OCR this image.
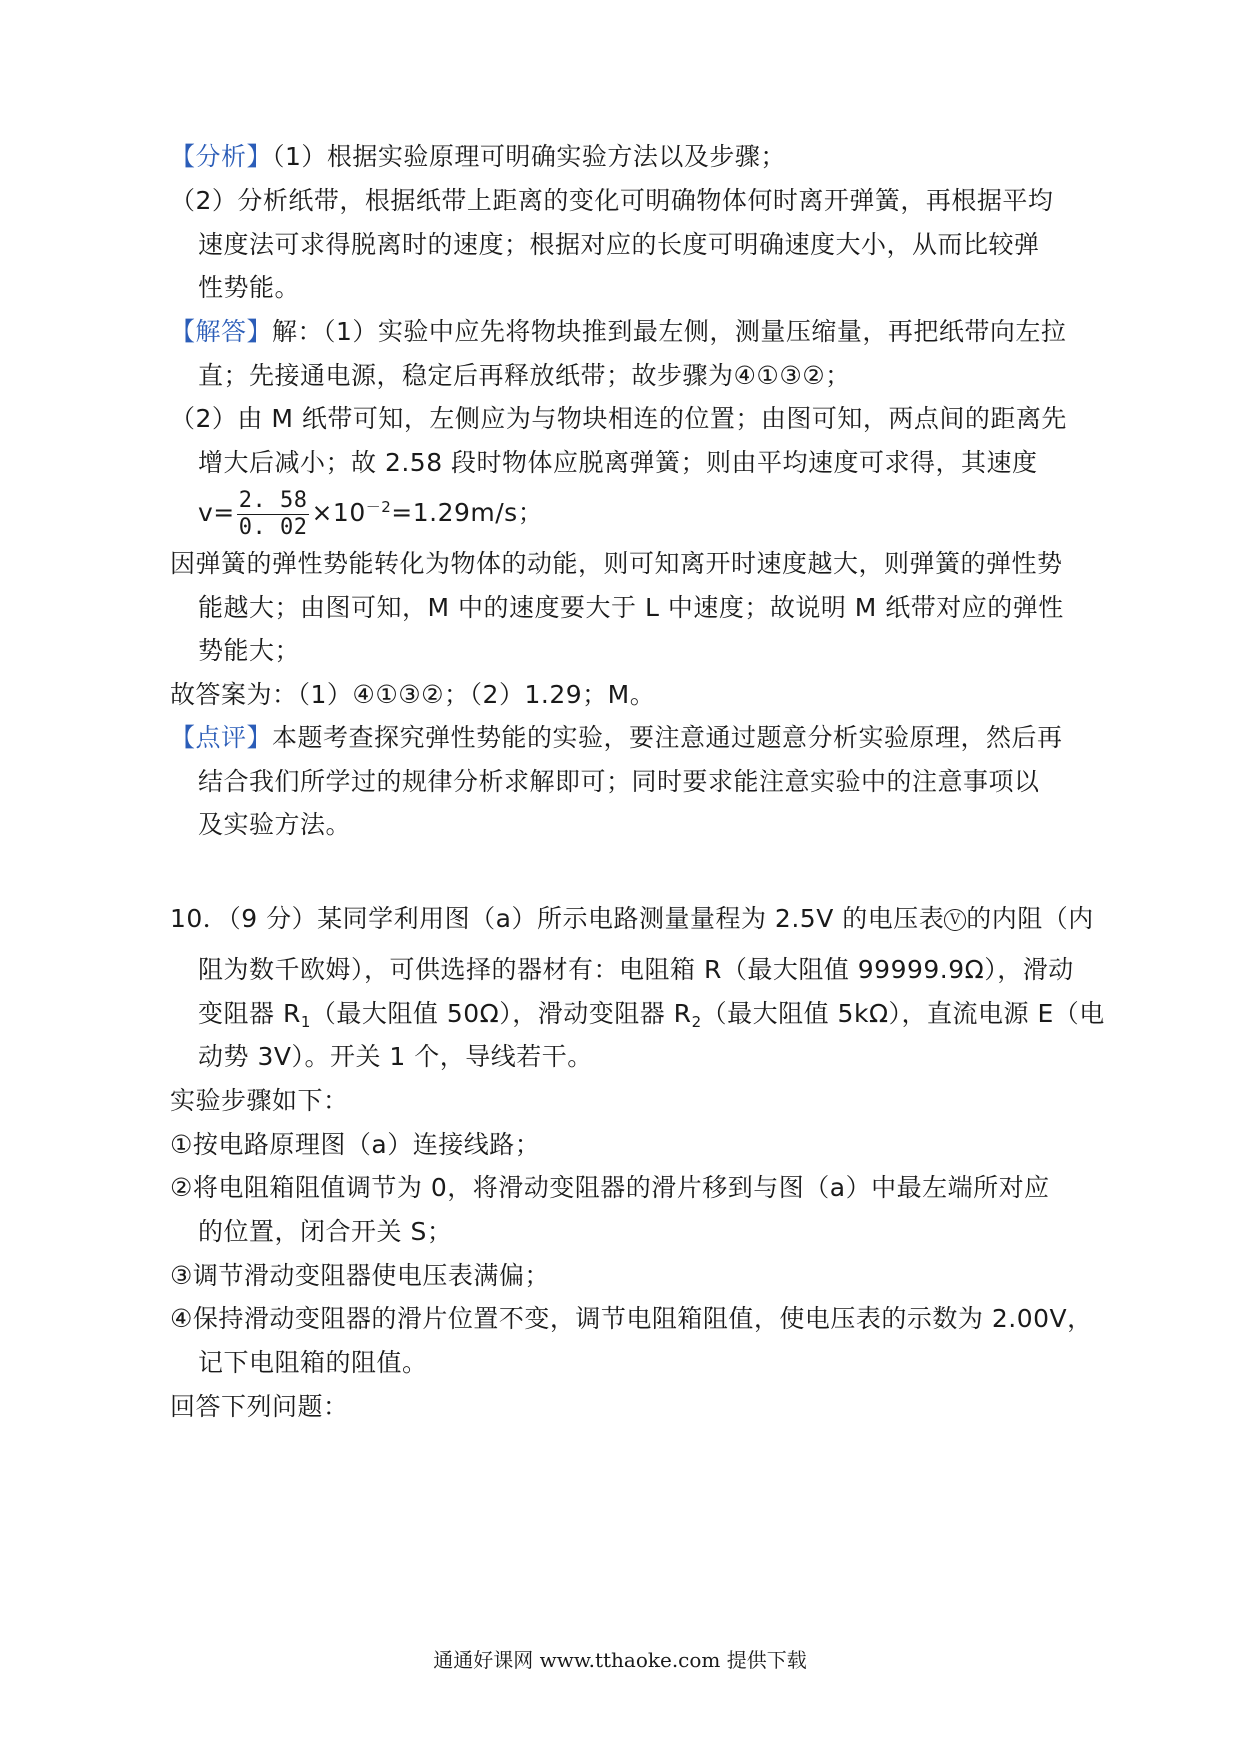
【分析】（1）根据实验原理可明确实验方法以及步骤；
（2）分析纸带，根据纸带上距离的变化可明确物体何时离开弹簧，再根据平均
速度法可求得脱离时的速度；根据对应的长度可明确速度大小，从而比较弹
性势能。
【解答】解：（1）实验中应先将物块推到最左侧，测量压缩量，再把纸带向左拉
直；先接通电源，稳定后再释放纸带；故步骤为④①③②；
（2）由 M 纸带可知，左侧应为与物块相连的位置；由图可知，两点间的距离先
增大后减小；故 2.58 段时物体应脱离弹簧；则由平均速度可求得，其速度
$v= \frac{2. 58}{0. 02} \times 10^{-2}=1.29m/s$；
因弹簧的弹性势能转化为物体的动能，则可知离开时速度越大，则弹簧的弹性势
能越大；由图可知，M 中的速度要大于 L 中速度；故说明 M 纸带对应的弹性
势能大；
故答案为：（1）④①③②；（2）1.29；M。
【点评】本题考查探究弹性势能的实验，要注意通过题意分析实验原理，然后再
结合我们所学过的规律分析求解即可；同时要求能注意实验中的注意事项以
及实验方法。
10．（9 分）某同学利用图（a）所示电路测量量程为 2.5V 的电压表 V 的内阻（内
阻为数千欧姆），可供选择的器材有：电阻箱 R（最大阻值 99999.9Ω），滑动
变阻器 $R_1$（最大阻值 50Ω），滑动变阻器 $R_2$（最大阻值 5kΩ），直流电源 E（电
动势 3V）。开关 1 个，导线若干。
实验步骤如下：
①按电路原理图（a）连接线路；
②将电阻箱阻值调节为 0，将滑动变阻器的滑片移到与图（a）中最左端所对应
的位置，闭合开关 S；
③调节滑动变阻器使电压表满偏；
④保持滑动变阻器的滑片位置不变，调节电阻箱阻值，使电压表的示数为 2.00V，
记下电阻箱的阻值。
回答下列问题：
通通好课网 www.tthaoke.com 提供下载
